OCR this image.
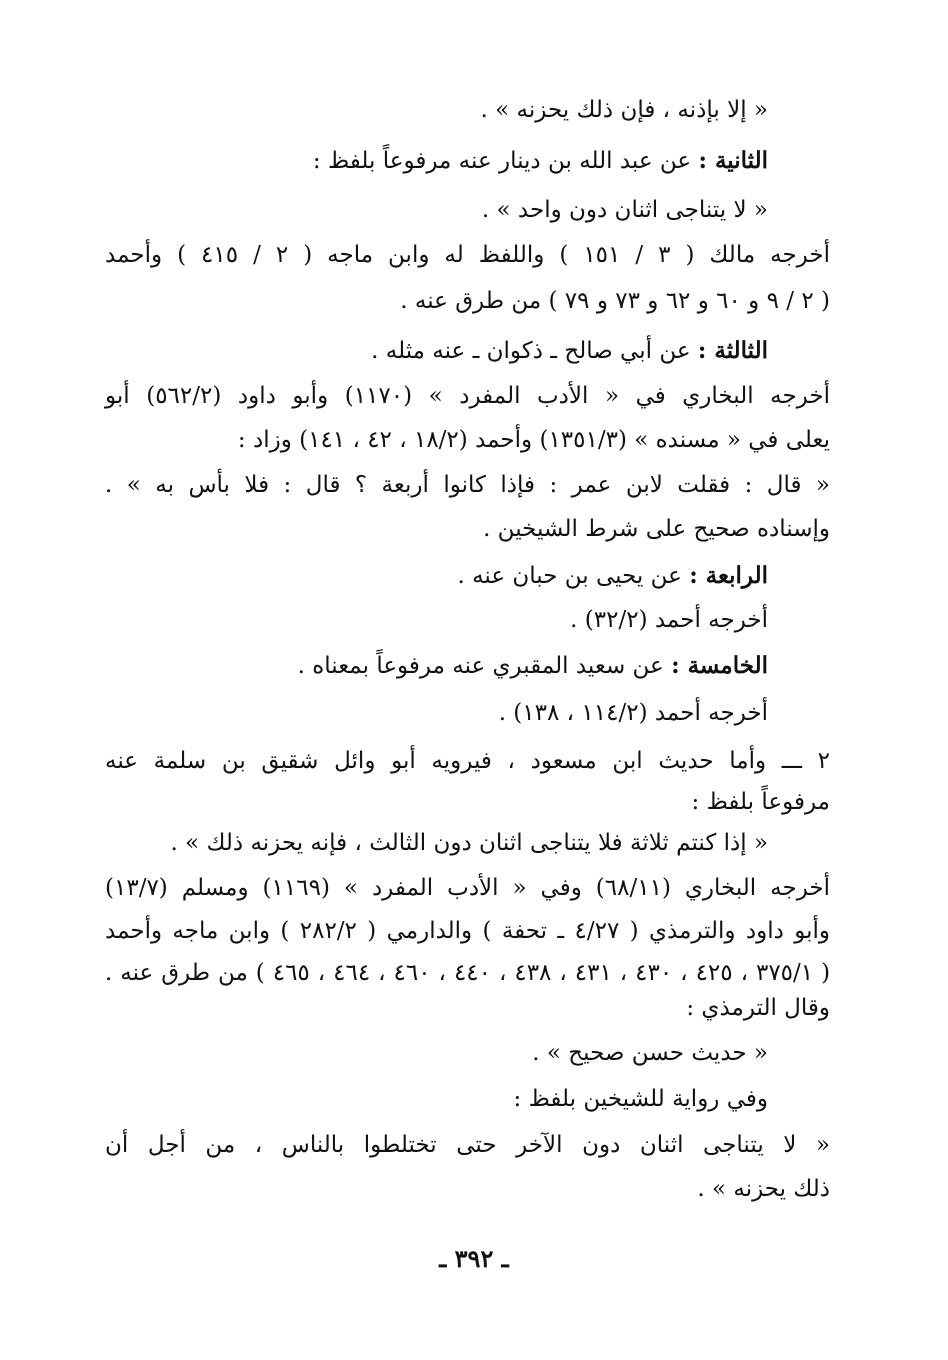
« إلا بإذنه ، فإن ذلك يحزنه » .
الثانية : عن عبد الله بن دينار عنه مرفوعاً بلفظ :
« لا يتناجى اثنان دون واحد » .
أخرجه مالك ( ٣ / ١٥١ ) واللفظ له وابن ماجه ( ٢ / ٤١٥ ) وأحمد
( ٢ / ٩ و ٦٠ و ٦٢ و ٧٣ و ٧٩ ) من طرق عنه .
الثالثة : عن أبي صالح ـ ذكوان ـ عنه مثله .
أخرجه البخاري في « الأدب المفرد » (١١٧٠) وأبو داود (٥٦٢/٢) أبو
يعلى في « مسنده » (١٣٥١/٣) وأحمد (١٨/٢ ، ٤٢ ، ١٤١) وزاد :
« قال : فقلت لابن عمر : فإذا كانوا أربعة ؟ قال : فلا بأس به » .
وإسناده صحيح على شرط الشيخين .
الرابعة : عن يحيى بن حبان عنه .
أخرجه أحمد (٣٢/٢) .
الخامسة : عن سعيد المقبري عنه مرفوعاً بمعناه .
أخرجه أحمد (١١٤/٢ ، ١٣٨) .
٢ ـــ وأما حديث ابن مسعود ، فيرويه أبو وائل شقيق بن سلمة عنه
مرفوعاً بلفظ :
« إذا كنتم ثلاثة فلا يتناجى اثنان دون الثالث ، فإنه يحزنه ذلك » .
أخرجه البخاري (٦٨/١١) وفي « الأدب المفرد » (١١٦٩) ومسلم (١٣/٧)
وأبو داود والترمذي ( ٤/٢٧ ـ تحفة ) والدارمي ( ٢٨٢/٢ ) وابن ماجه وأحمد
( ٣٧٥/١ ، ٤٢٥ ، ٤٣٠ ، ٤٣١ ، ٤٣٨ ، ٤٤٠ ، ٤٦٠ ، ٤٦٤ ، ٤٦٥ ) من طرق عنه .
وقال الترمذي :
« حديث حسن صحيح » .
وفي رواية للشيخين بلفظ :
« لا يتناجى اثنان دون الآخر حتى تختلطوا بالناس ، من أجل أن
ذلك يحزنه » .
ـ ٣٩٢ ـ
